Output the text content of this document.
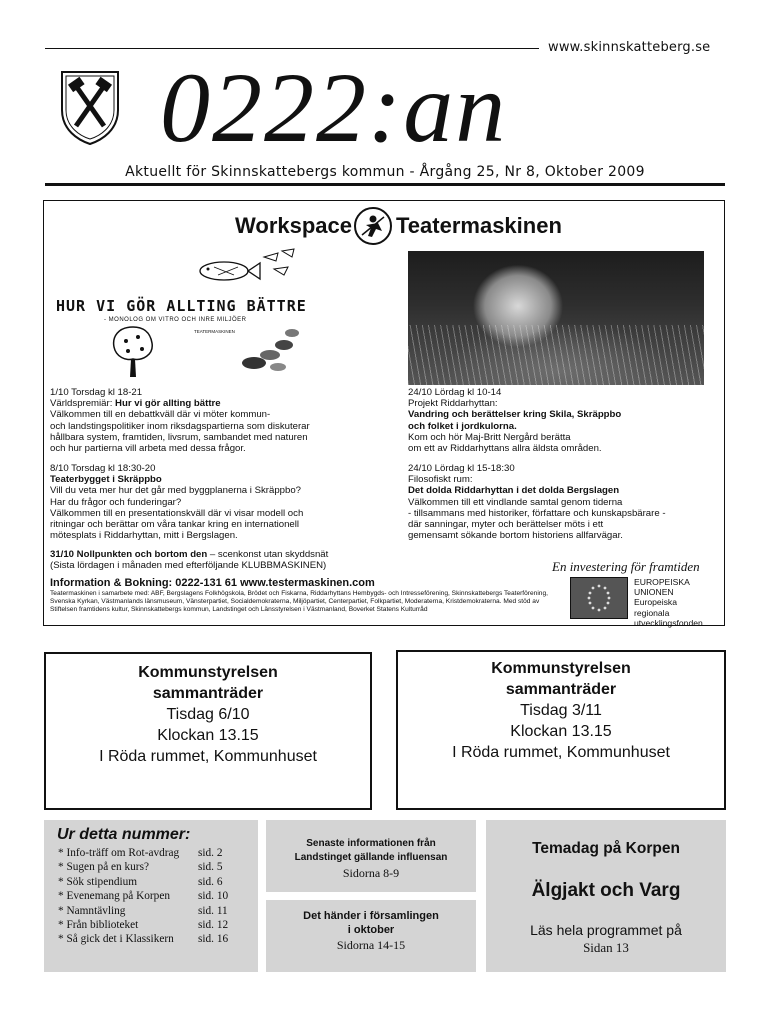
www.skinnskatteberg.se
0222:an
Aktuellt för Skinnskattebergs kommun - Årgång 25, Nr 8, Oktober 2009
Workspace Teatermaskinen
HUR VI GÖR ALLTING BÄTTRE
- MONOLOG OM VITRO OCH INRE MILJÖER
TEATERMASKINEN
1/10 Torsdag kl 18-21
Världspremiär: Hur vi gör allting bättre
Välkommen till en debattkväll där vi möter kommun-
och landstingspolitiker inom riksdagspartierna som diskuterar
hållbara system, framtiden, livsrum, sambandet med naturen
och hur partierna vill arbeta med dessa frågor.
8/10 Torsdag kl 18:30-20
Teaterbygget i Skräppbo
Vill du veta mer hur det går med byggplanerna i Skräppbo?
Har du frågor och funderingar?
Välkommen till en presentationskväll där vi visar modell och
ritningar och berättar om våra tankar kring en internationell
mötesplats i Riddarhyttan, mitt i Bergslagen.
24/10 Lördag kl 10-14
Projekt Riddarhyttan:
Vandring och berättelser kring Skila, Skräppbo
och folket i jordkulorna.
Kom och hör Maj-Britt Nergård berätta
om ett av Riddarhyttans allra äldsta områden.
24/10 Lördag kl 15-18:30
Filosofiskt rum:
Det dolda Riddarhyttan i det dolda Bergslagen
Välkommen till ett vindlande samtal genom tiderna
- tillsammans med historiker, författare och kunskapsbärare -
där sanningar, myter och berättelser möts i ett
gemensamt sökande bortom historiens allfarvägar.
31/10 Nollpunkten och bortom den – scenkonst utan skyddsnät
(Sista lördagen i månaden med efterföljande KLUBBMASKINEN)
Information & Bokning: 0222-131 61 www.testermaskinen.com
Teatermaskinen i samarbete med: ABF, Bergslagens Folkhögskola, Brödet och Fiskarna, Riddarhyttans Hembygds- och Intresseförening, Skinnskattebergs Teaterförening, Svenska Kyrkan, Västmanlands länsmuseum, Vänsterpartiet, Socialdemokraterna, Miljöpartiet, Centerpartiet, Folkpartiet, Moderaterna, Kristdemokraterna. Med stöd av Stiftelsen framtidens kultur, Skinnskattebergs kommun, Landstinget och Länsstyrelsen i Västmanland, Boverket Statens Kulturråd
En investering för framtiden
EUROPEISKA
UNIONEN
Europeiska
regionala
utvecklingsfonden
Kommunstyrelsen
sammanträder
Tisdag 6/10
Klockan 13.15
I Röda rummet, Kommunhuset
Kommunstyrelsen
sammanträder
Tisdag 3/11
Klockan 13.15
I Röda rummet, Kommunhuset
Ur detta nummer:
* Info-träff om Rot-avdrag sid. 2
* Sugen på en kurs?	sid. 5
* Sök stipendium	sid. 6
* Evenemang på Korpen sid. 10
* Namntävling	sid. 11
* Från biblioteket	sid. 12
* Så gick det i Klassikern sid. 16
Senaste informationen från
Landstinget gällande influensan
Sidorna 8-9
Det händer i församlingen
i oktober
Sidorna 14-15
Temadag på Korpen
Älgjakt och Varg
Läs hela programmet på
Sidan 13
